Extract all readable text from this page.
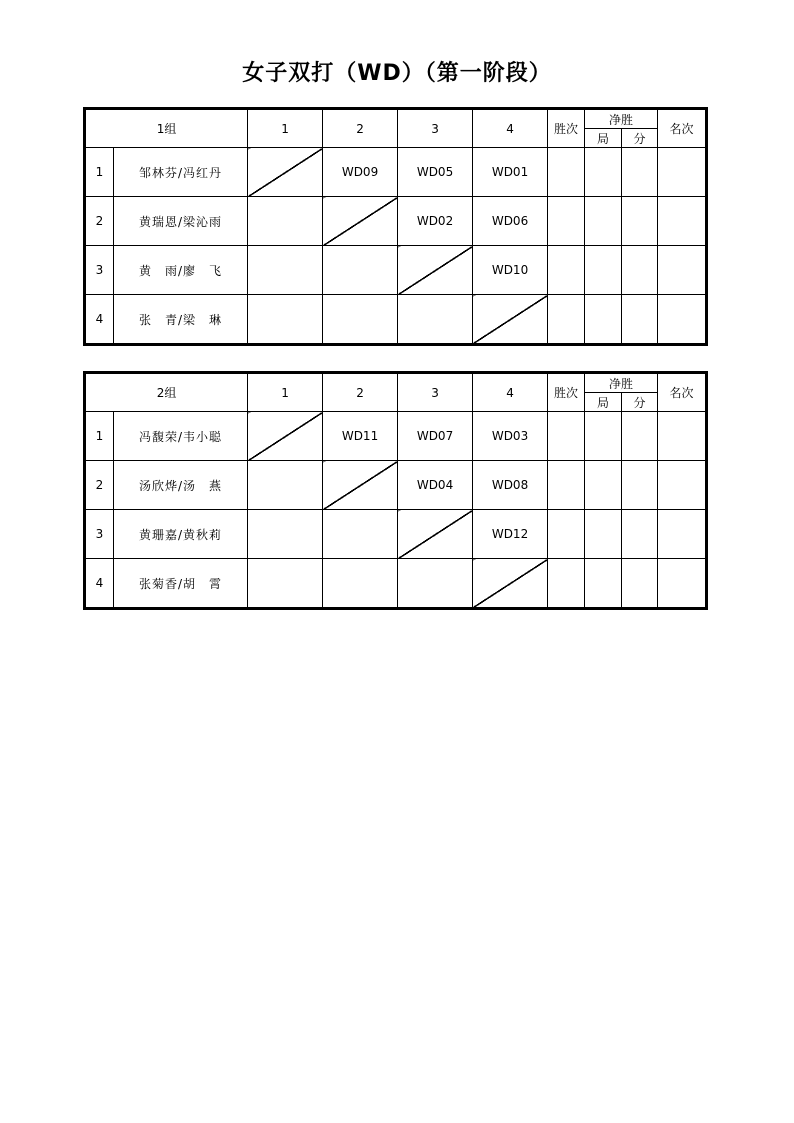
女子双打（WD）（第一阶段）
1组		1	2	3	4	胜次	净胜		名次
							局	分	
1	邹林芬/冯红丹		WD09	WD05	WD01				
2	黄瑞恩/梁沁雨			WD02	WD06				
3	黄　雨/廖　飞				WD10				
4	张　青/梁　琳								
2组		1	2	3	4	胜次	净胜		名次
							局	分	
1	冯馥荣/韦小聪		WD11	WD07	WD03				
2	汤欣烨/汤　燕			WD04	WD08				
3	黄珊嘉/黄秋莉				WD12				
4	张菊香/胡　霄								
